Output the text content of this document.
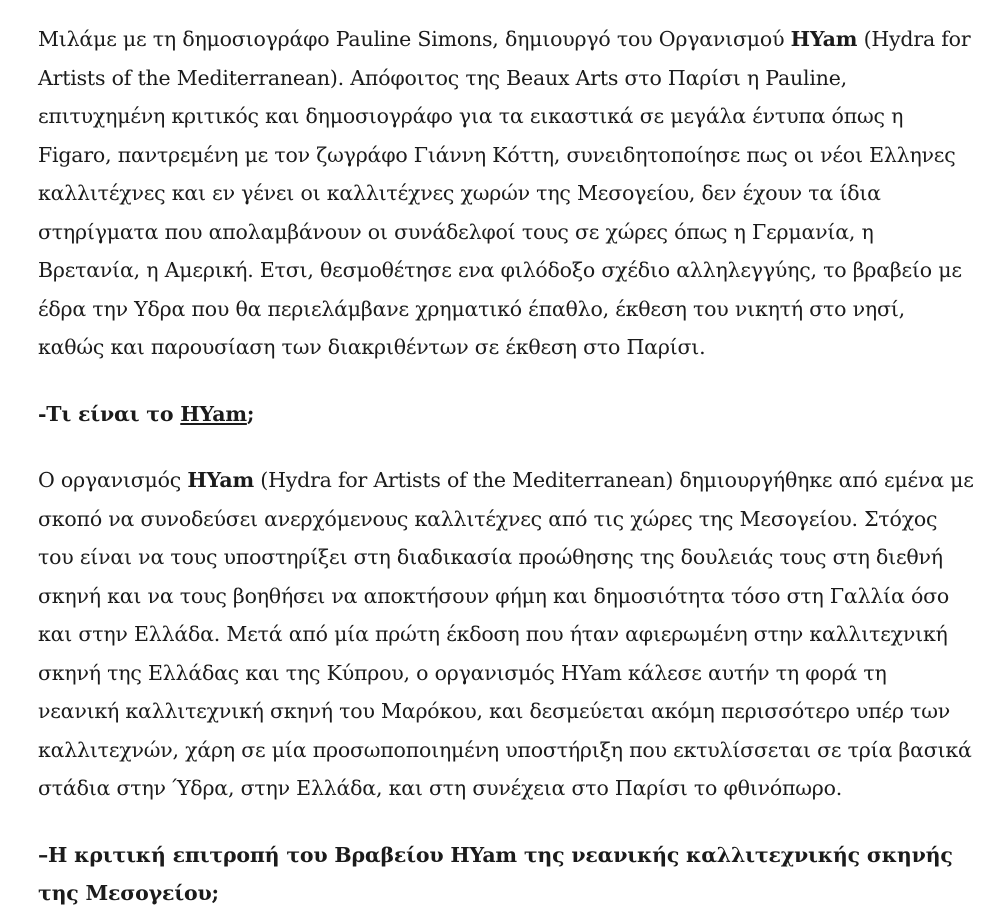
Μιλάμε με τη δημοσιογράφο Pauline Simons, δημιουργό του Οργανισμού HYam (Hydra for Artists of the Mediterranean). Απόφοιτος της Beaux Arts στο Παρίσι η Pauline, επιτυχημένη κριτικός και δημοσιογράφο για τα εικαστικά σε μεγάλα έντυπα όπως η Figaro, παντρεμένη με τον ζωγράφο Γιάννη Κόττη, συνειδητοποίησε πως οι νέοι Ελληνες καλλιτέχνες και εν γένει οι καλλιτέχνες χωρών της Μεσογείου, δεν έχουν τα ίδια στηρίγματα που απολαμβάνουν οι συνάδελφοί τους σε χώρες όπως η Γερμανία, η Βρετανία, η Αμερική. Ετσι, θεσμοθέτησε ενα φιλόδοξο σχέδιο αλληλεγγύης, το βραβείο με έδρα την Υδρα που θα περιελάμβανε χρηματικό έπαθλο, έκθεση του νικητή στο νησί, καθώς και παρουσίαση των διακριθέντων σε έκθεση στο Παρίσι.

-Τι είναι το HYam;

Ο οργανισμός HYam (Hydra for Artists of the Mediterranean) δημιουργήθηκε από εμένα με σκοπό να συνοδεύσει ανερχόμενους καλλιτέχνες από τις χώρες της Μεσογείου. Στόχος του είναι να τους υποστηρίξει στη διαδικασία προώθησης της δουλειάς τους στη διεθνή σκηνή και να τους βοηθήσει να αποκτήσουν φήμη και δημοσιότητα τόσο στη Γαλλία όσο και στην Ελλάδα. Μετά από μία πρώτη έκδοση που ήταν αφιερωμένη στην καλλιτεχνική σκηνή της Ελλάδας και της Κύπρου, ο οργανισμός HYam κάλεσε αυτήν τη φορά τη νεανική καλλιτεχνική σκηνή του Μαρόκου, και δεσμεύεται ακόμη περισσότερο υπέρ των καλλιτεχνών, χάρη σε μία προσωποποιημένη υποστήριξη που εκτυλίσσεται σε τρία βασικά στάδια στην Ύδρα, στην Ελλάδα, και στη συνέχεια στο Παρίσι το φθινόπωρο.

–Η κριτική επιτροπή του Βραβείου HYam της νεανικής καλλιτεχνικής σκηνής της Μεσογείου;
